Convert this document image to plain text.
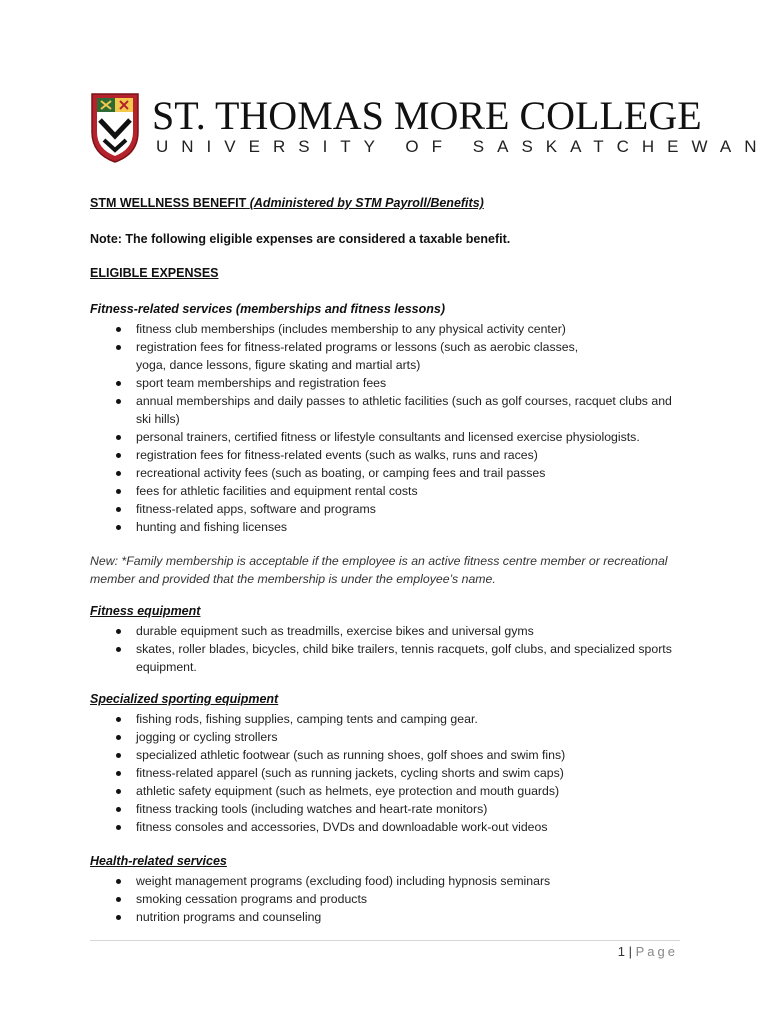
ST. THOMAS MORE COLLEGE
UNIVERSITY OF SASKATCHEWAN
STM WELLNESS BENEFIT (Administered by STM Payroll/Benefits)
Note: The following eligible expenses are considered a taxable benefit.
ELIGIBLE EXPENSES
Fitness-related services (memberships and fitness lessons)
fitness club memberships (includes membership to any physical activity center)
registration fees for fitness-related programs or lessons (such as aerobic classes, yoga, dance lessons, figure skating and martial arts)
sport team memberships and registration fees
annual memberships and daily passes to athletic facilities (such as golf courses, racquet clubs and ski hills)
personal trainers, certified fitness or lifestyle consultants and licensed exercise physiologists.
registration fees for fitness-related events (such as walks, runs and races)
recreational activity fees (such as boating, or camping fees and trail passes
fees for athletic facilities and equipment rental costs
fitness-related apps, software and programs
hunting and fishing licenses
New: *Family membership is acceptable if the employee is an active fitness centre member or recreational member and provided that the membership is under the employee’s name.
Fitness equipment
durable equipment such as treadmills, exercise bikes and universal gyms
skates, roller blades, bicycles, child bike trailers, tennis racquets, golf clubs, and specialized sports equipment.
Specialized sporting equipment
fishing rods, fishing supplies, camping tents and camping gear.
jogging or cycling strollers
specialized athletic footwear (such as running shoes, golf shoes and swim fins)
fitness-related apparel (such as running jackets, cycling shorts and swim caps)
athletic safety equipment (such as helmets, eye protection and mouth guards)
fitness tracking tools (including watches and heart-rate monitors)
fitness consoles and accessories, DVDs and downloadable work-out videos
Health-related services
weight management programs (excluding food) including hypnosis seminars
smoking cessation programs and products
nutrition programs and counseling
1 | Page
